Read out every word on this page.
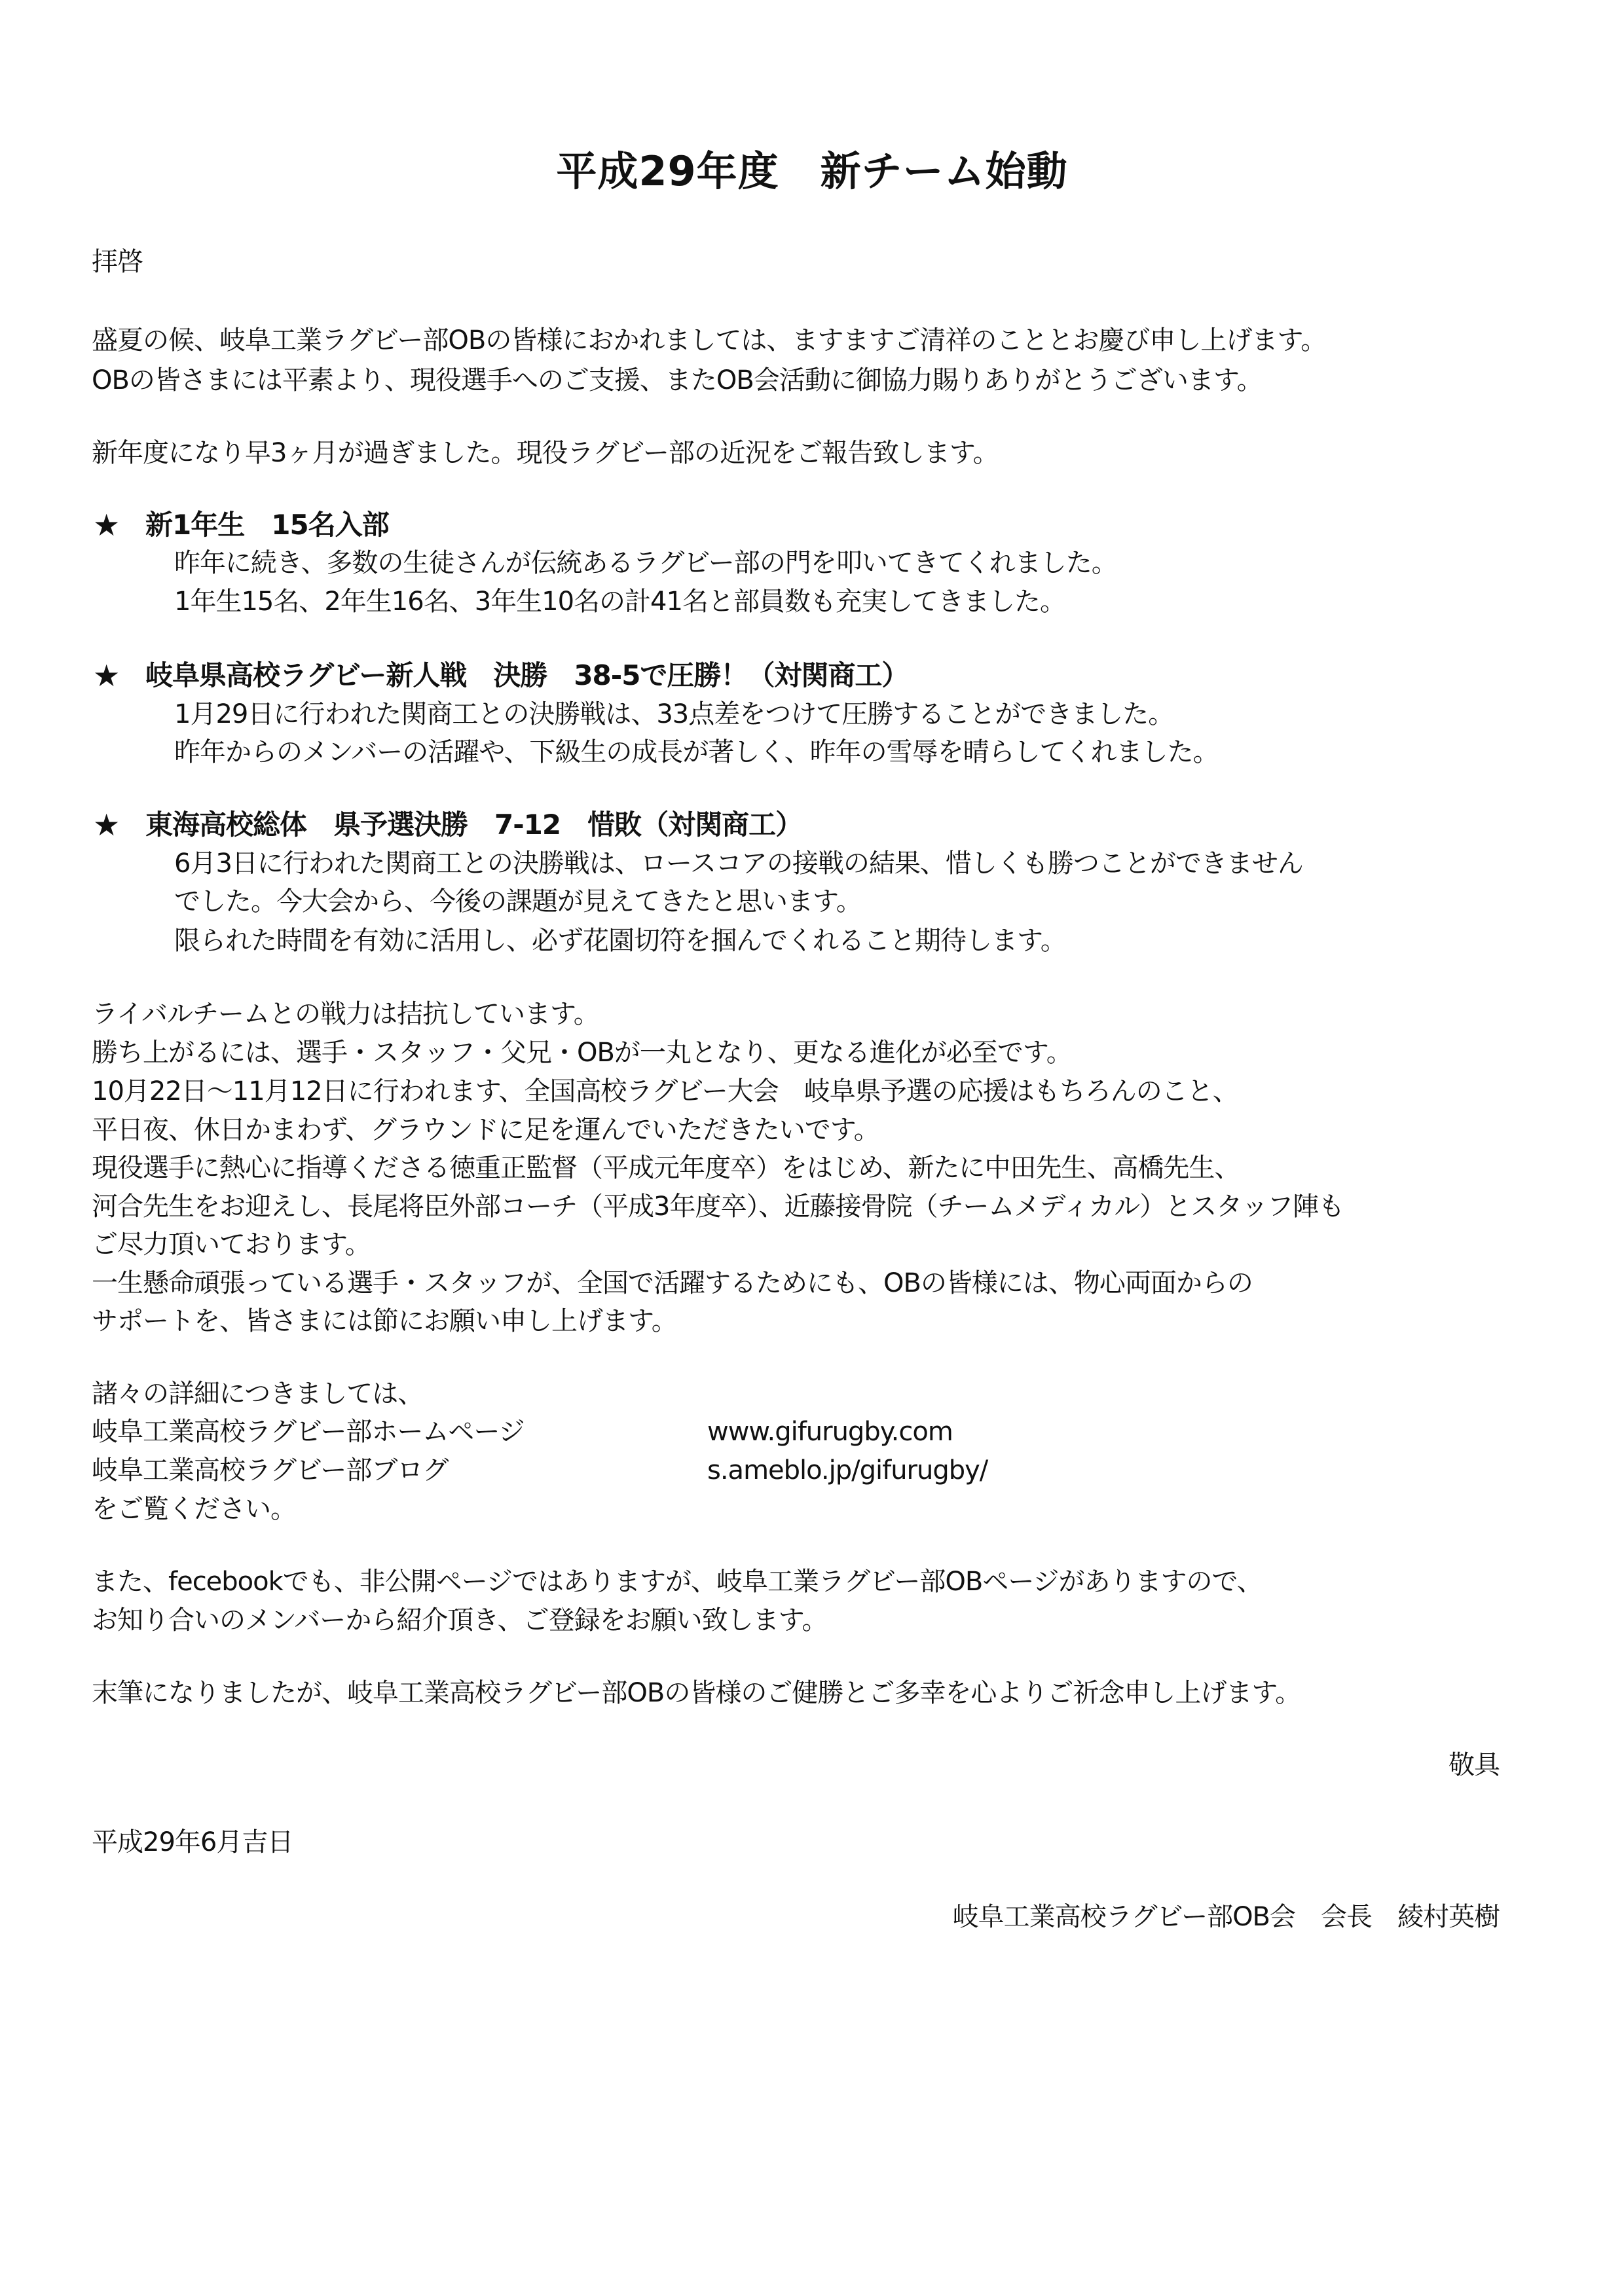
平成29年度　新チーム始動
拝啓
盛夏の候、岐阜工業ラグビー部OBの皆様におかれましては、ますますご清祥のこととお慶び申し上げます。
OBの皆さまには平素より、現役選手へのご支援、またOB会活動に御協力賜りありがとうございます。
新年度になり早3ヶ月が過ぎました。現役ラグビー部の近況をご報告致します。
★ 新1年生　15名入部
昨年に続き、多数の生徒さんが伝統あるラグビー部の門を叩いてきてくれました。
1年生15名、2年生16名、3年生10名の計41名と部員数も充実してきました。
★ 岐阜県高校ラグビー新人戦　決勝　38-5で圧勝！（対関商工）
1月29日に行われた関商工との決勝戦は、33点差をつけて圧勝することができました。
昨年からのメンバーの活躍や、下級生の成長が著しく、昨年の雪辱を晴らしてくれました。
★ 東海高校総体　県予選決勝　7-12　惜敗（対関商工）
6月3日に行われた関商工との決勝戦は、ロースコアの接戦の結果、惜しくも勝つことができません
でした。今大会から、今後の課題が見えてきたと思います。
限られた時間を有効に活用し、必ず花園切符を掴んでくれること期待します。
ライバルチームとの戦力は拮抗しています。
勝ち上がるには、選手・スタッフ・父兄・OBが一丸となり、更なる進化が必至です。
10月22日～11月12日に行われます、全国高校ラグビー大会　岐阜県予選の応援はもちろんのこと、
平日夜、休日かまわず、グラウンドに足を運んでいただきたいです。
現役選手に熱心に指導くださる徳重正監督（平成元年度卒）をはじめ、新たに中田先生、高橋先生、
河合先生をお迎えし、長尾将臣外部コーチ（平成3年度卒）、近藤接骨院（チームメディカル）とスタッフ陣も
ご尽力頂いております。
一生懸命頑張っている選手・スタッフが、全国で活躍するためにも、OBの皆様には、物心両面からの
サポートを、皆さまには節にお願い申し上げます。
諸々の詳細につきましては、
岐阜工業高校ラグビー部ホームページ	www.gifurugby.com
岐阜工業高校ラグビー部ブログ	s.ameblo.jp/gifurugby/
をご覧ください。
また、fecebookでも、非公開ページではありますが、岐阜工業ラグビー部OBページがありますので、
お知り合いのメンバーから紹介頂き、ご登録をお願い致します。
末筆になりましたが、岐阜工業高校ラグビー部OBの皆様のご健勝とご多幸を心よりご祈念申し上げます。
敬具
平成29年6月吉日
岐阜工業高校ラグビー部OB会　会長　綾村英樹
